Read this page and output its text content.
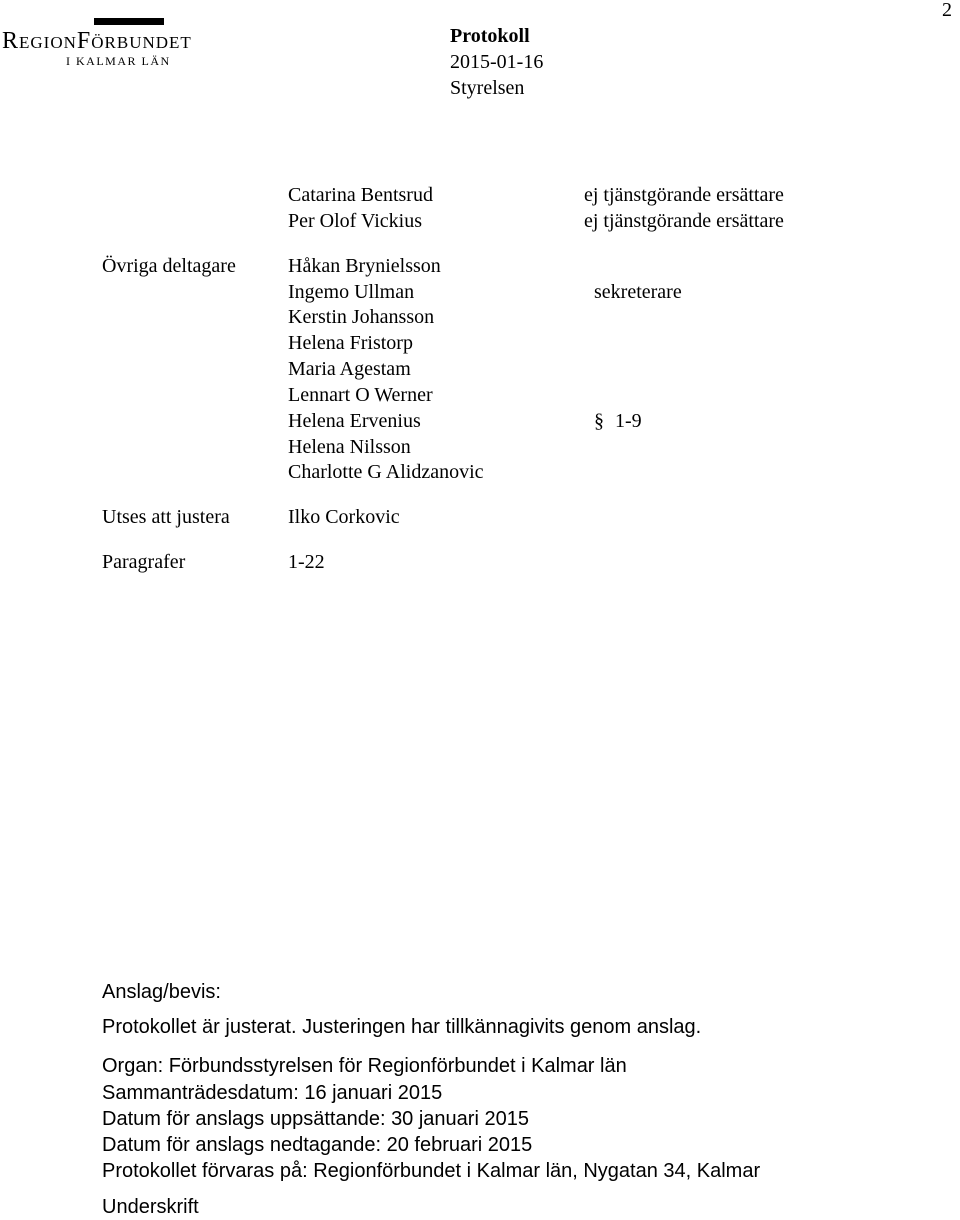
2
RegionFörbundet
I KALMAR LÄN
Protokoll
2015-01-16
Styrelsen
Catarina Bentsrud	ej tjänstgörande ersättare
Per Olof Vickius	ej tjänstgörande ersättare
Övriga deltagare	Håkan Brynielsson
Ingemo Ullman	sekreterare
Kerstin Johansson
Helena Fristorp
Maria Agestam
Lennart O Werner
Helena Ervenius	§ 1-9
Helena Nilsson
Charlotte G Alidzanovic
Utses att justera	Ilko Corkovic
Paragrafer	1-22
Anslag/bevis:
Protokollet är justerat. Justeringen har tillkännagivits genom anslag.
Organ: Förbundsstyrelsen för Regionförbundet i Kalmar län
Sammanträdesdatum: 16 januari 2015
Datum för anslags uppsättande: 30 januari 2015
Datum för anslags nedtagande: 20 februari 2015
Protokollet förvaras på: Regionförbundet i Kalmar län, Nygatan 34, Kalmar
Underskrift
